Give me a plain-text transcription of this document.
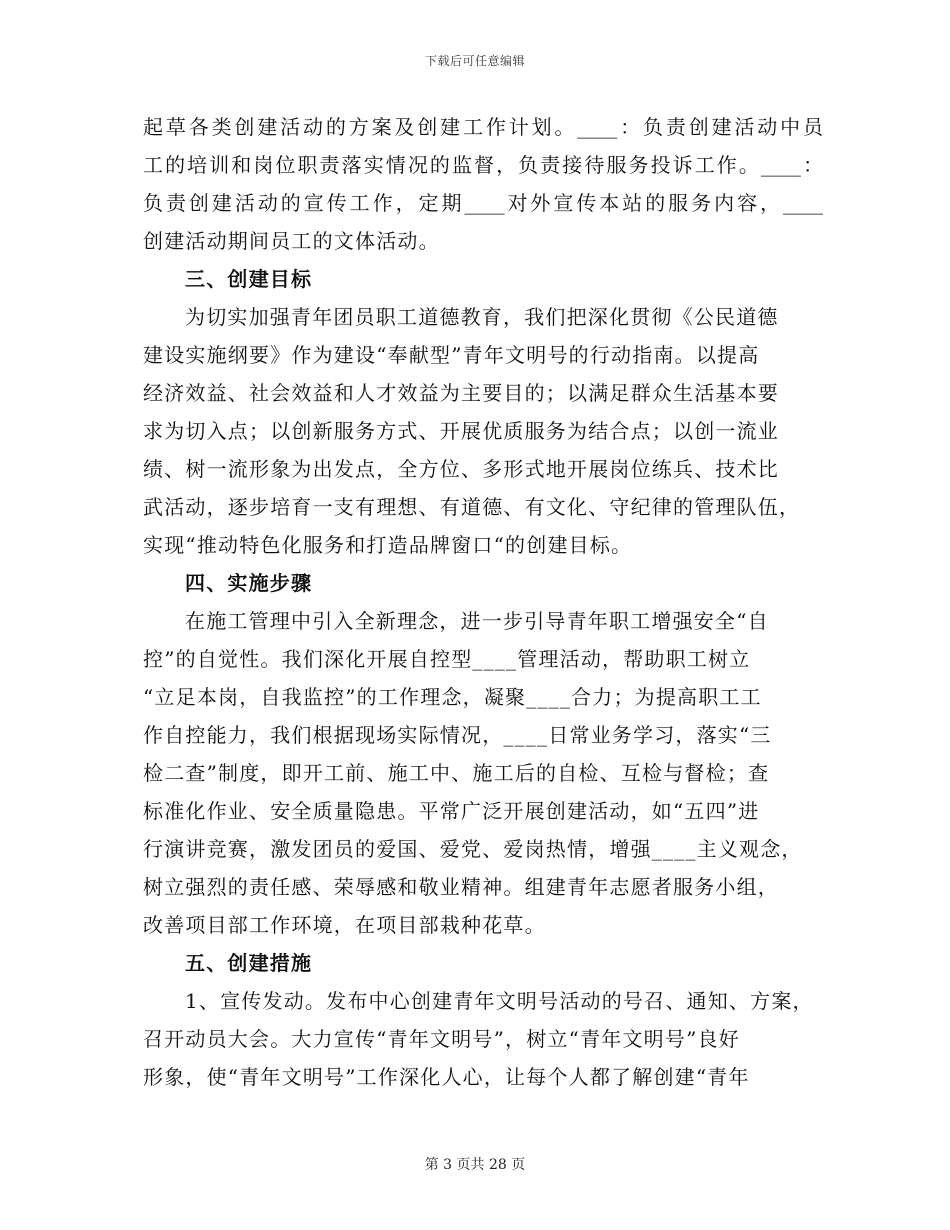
下载后可任意编辑
起草各类创建活动的方案及创建工作计划。____：负责创建活动中员
工的培训和岗位职责落实情况的监督，负责接待服务投诉工作。____：
负责创建活动的宣传工作，定期____对外宣传本站的服务内容，____
创建活动期间员工的文体活动。
三、创建目标
为切实加强青年团员职工道德教育，我们把深化贯彻《公民道德
建设实施纲要》作为建设“奉献型”青年文明号的行动指南。以提高
经济效益、社会效益和人才效益为主要目的；以满足群众生活基本要
求为切入点；以创新服务方式、开展优质服务为结合点；以创一流业
绩、树一流形象为出发点，全方位、多形式地开展岗位练兵、技术比
武活动，逐步培育一支有理想、有道德、有文化、守纪律的管理队伍，
实现“推动特色化服务和打造品牌窗口“的创建目标。
四、实施步骤
在施工管理中引入全新理念，进一步引导青年职工增强安全“自
控”的自觉性。我们深化开展自控型____管理活动，帮助职工树立
“立足本岗，自我监控”的工作理念，凝聚____合力；为提高职工工
作自控能力，我们根据现场实际情况，____日常业务学习，落实“三
检二查”制度，即开工前、施工中、施工后的自检、互检与督检；查
标准化作业、安全质量隐患。平常广泛开展创建活动，如“五四”进
行演讲竞赛，激发团员的爱国、爱党、爱岗热情，增强____主义观念，
树立强烈的责任感、荣辱感和敬业精神。组建青年志愿者服务小组，
改善项目部工作环境，在项目部栽种花草。
五、创建措施
1、宣传发动。发布中心创建青年文明号活动的号召、通知、方案，
召开动员大会。大力宣传“青年文明号”，树立“青年文明号”良好
形象，使“青年文明号”工作深化人心，让每个人都了解创建“青年
第 3 页共 28 页
